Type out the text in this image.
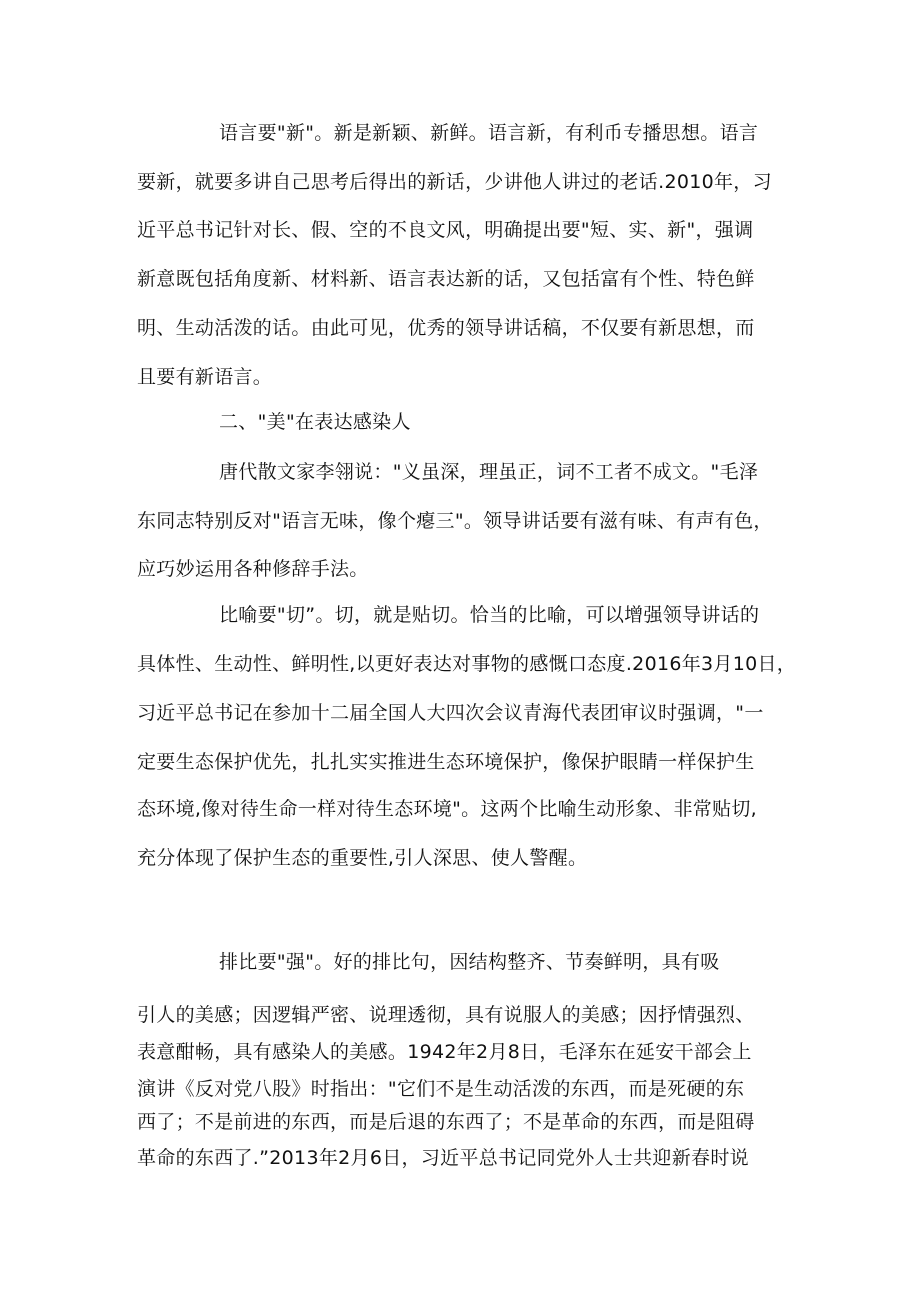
语言要"新"。新是新颖、新鲜。语言新，有利币专播思想。语言
要新，就要多讲自己思考后得出的新话，少讲他人讲过的老话.2010年，习
近平总书记针对长、假、空的不良文风，明确提出要"短、实、新"，强调
新意既包括角度新、材料新、语言表达新的话，又包括富有个性、特色鲜
明、生动活泼的话。由此可见，优秀的领导讲话稿，不仅要有新思想，而
且要有新语言。
二、"美"在表达感染人
唐代散文家李翎说："义虽深，理虽正，词不工者不成文。"毛泽
东同志特别反对"语言无味，像个瘪三"。领导讲话要有滋有味、有声有色，
应巧妙运用各种修辞手法。
比喻要"切”。切，就是贴切。恰当的比喻，可以增强领导讲话的
具体性、生动性、鲜明性,以更好表达对事物的感慨口态度.2016年3月10日，
习近平总书记在参加十二届全国人大四次会议青海代表团审议时强调，"一
定要生态保护优先，扎扎实实推进生态环境保护，像保护眼睛一样保护生
态环境,像对待生命一样对待生态环境"。这两个比喻生动形象、非常贴切,
充分体现了保护生态的重要性,引人深思、使人警醒。
排比要"强"。好的排比句，因结构整齐、节奏鲜明，具有吸
引人的美感；因逻辑严密、说理透彻，具有说服人的美感；因抒情强烈、
表意酣畅，具有感染人的美感。1942年2月8日，毛泽东在延安干部会上
演讲《反对党八股》时指出："它们不是生动活泼的东西，而是死硬的东
西了；不是前进的东西，而是后退的东西了；不是革命的东西，而是阻碍
革命的东西了.”2013年2月6日，习近平总书记同党外人士共迎新春时说
